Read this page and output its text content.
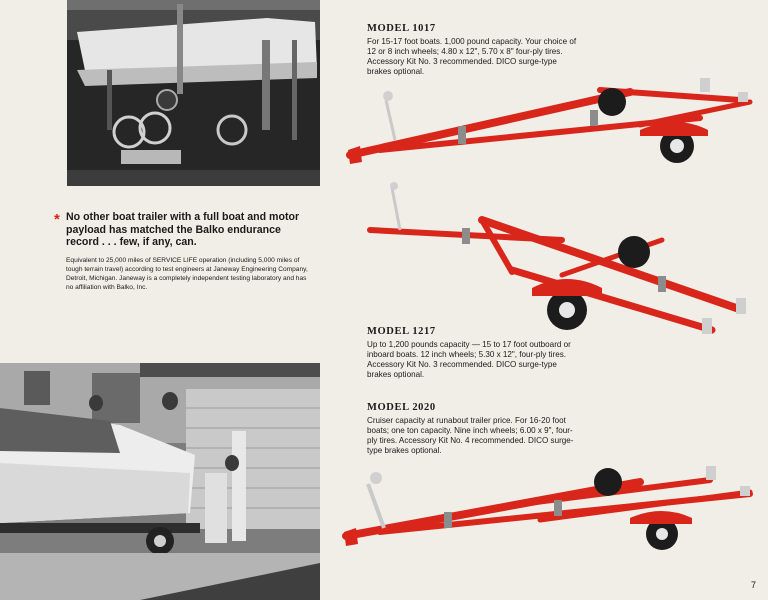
* No other boat trailer with a full boat and motor payload has matched the Balko endurance record . . . few, if any, can.

Equivalent to 25,000 miles of SERVICE LIFE operation (including 5,000 miles of tough terrain travel) according to test engineers at Janeway Engineering Company, Detroit, Michigan. Janeway is a completely independent testing laboratory and has no affiliation with Balko, Inc.

MODEL 1017

For 15-17 foot boats. 1,000 pound capacity. Your choice of 12 or 8 inch wheels; 4.80 x 12", 5.70 x 8" four-ply tires. Accessory Kit No. 3 recommended. DICO surge-type brakes optional.

MODEL 1217

Up to 1,200 pounds capacity — 15 to 17 foot outboard or inboard boats. 12 inch wheels; 5.30 x 12", four-ply tires. Accessory Kit No. 3 recommended. DICO surge-type brakes optional.

MODEL 2020

Cruiser capacity at runabout trailer price. For 16-20 foot boats; one ton capacity. Nine inch wheels; 6.00 x 9", four-ply tires. Accessory Kit No. 4 recommended. DICO surge-type brakes optional.

7
